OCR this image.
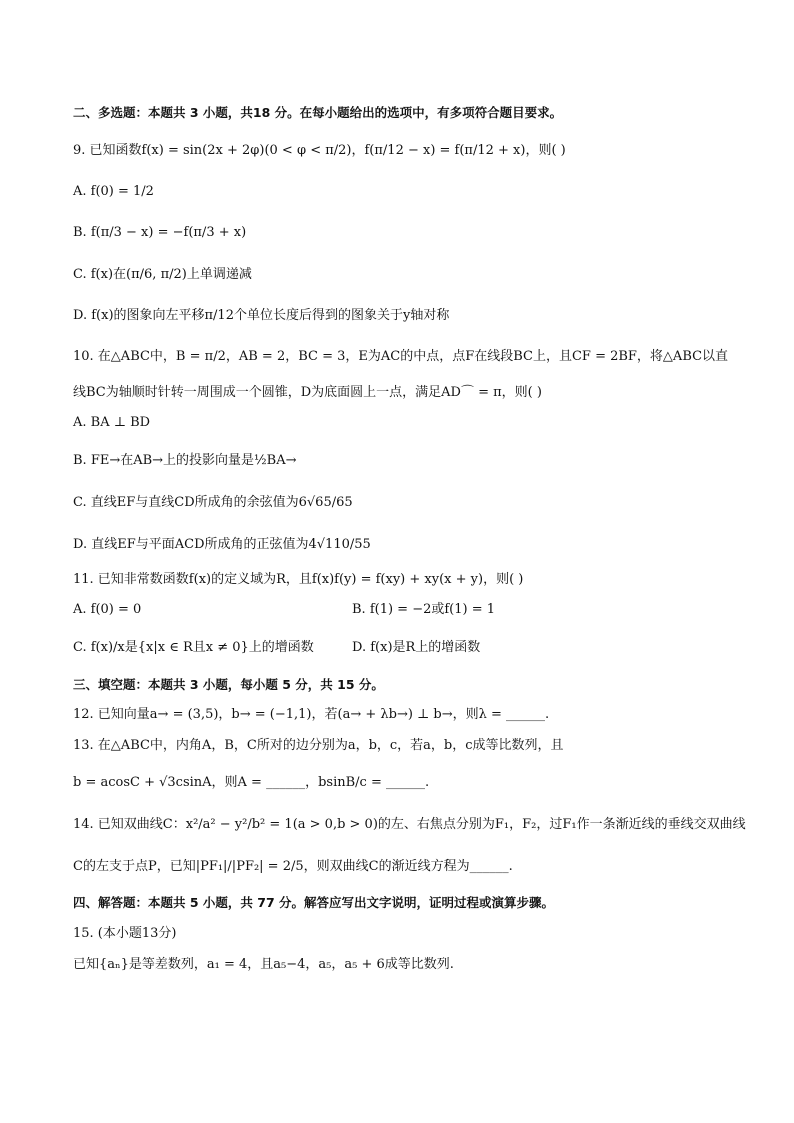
二、多选题：本题共 3 小题，共18 分。在每小题给出的选项中，有多项符合题目要求。
9. 已知函数f(x) = sin(2x + 2φ)(0 < φ < π/2)，f(π/12 − x) = f(π/12 + x)，则( )
A. f(0) = 1/2
B. f(π/3 − x) = −f(π/3 + x)
C. f(x)在(π/6, π/2)上单调递减
D. f(x)的图象向左平移π/12个单位长度后得到的图象关于y轴对称
10. 在△ABC中，B = π/2，AB = 2，BC = 3，E为AC的中点，点F在线段BC上，且CF = 2BF，将△ABC以直
线BC为轴顺时针转一周围成一个圆锥，D为底面圆上一点，满足AD⌒ = π，则( )
A. BA ⊥ BD
B. FE→在AB→上的投影向量是½BA→
C. 直线EF与直线CD所成角的余弦值为6√65/65
D. 直线EF与平面ACD所成角的正弦值为4√110/55
11. 已知非常数函数f(x)的定义域为R，且f(x)f(y) = f(xy) + xy(x + y)，则( )
A. f(0) = 0	B. f(1) = −2或f(1) = 1
C. f(x)/x是{x|x ∈ R且x ≠ 0}上的增函数	D. f(x)是R上的增函数
三、填空题：本题共 3 小题，每小题 5 分，共 15 分。
12. 已知向量a→ = (3,5)，b→ = (−1,1)，若(a→ + λb→) ⊥ b→，则λ = ______.
13. 在△ABC中，内角A，B，C所对的边分别为a，b，c，若a，b，c成等比数列，且
b = acosC + √3csinA，则A = ______，bsinB/c = ______.
14. 已知双曲线C：x²/a² − y²/b² = 1(a > 0,b > 0)的左、右焦点分别为F₁，F₂，过F₁作一条渐近线的垂线交双曲线
C的左支于点P，已知|PF₁|/|PF₂| = 2/5，则双曲线C的渐近线方程为______.
四、解答题：本题共 5 小题，共 77 分。解答应写出文字说明，证明过程或演算步骤。
15. (本小题13分)
已知{aₙ}是等差数列，a₁ = 4，且a₅−4，a₅，a₅ + 6成等比数列.
